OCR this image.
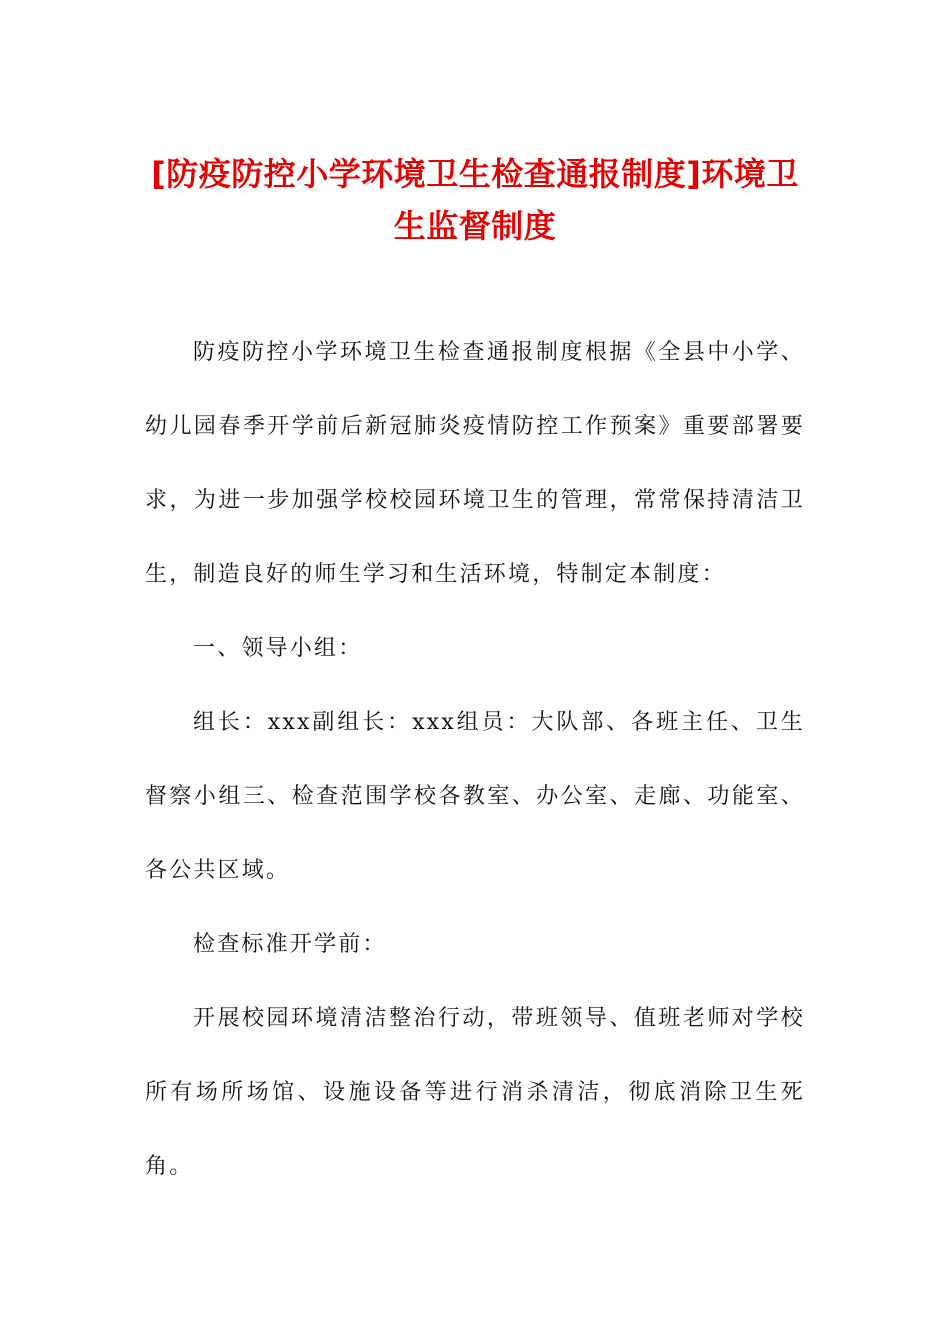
[防疫防控小学环境卫生检查通报制度]环境卫生监督制度

防疫防控小学环境卫生检查通报制度根据《全县中小学、幼儿园春季开学前后新冠肺炎疫情防控工作预案》重要部署要求，为进一步加强学校校园环境卫生的管理，常常保持清洁卫生，制造良好的师生学习和生活环境，特制定本制度：

一、领导小组：

组长：xxx副组长：xxx组员：大队部、各班主任、卫生督察小组三、检查范围学校各教室、办公室、走廊、功能室、各公共区域。

检查标准开学前：

开展校园环境清洁整治行动，带班领导、值班老师对学校所有场所场馆、设施设备等进行消杀清洁，彻底消除卫生死角。
